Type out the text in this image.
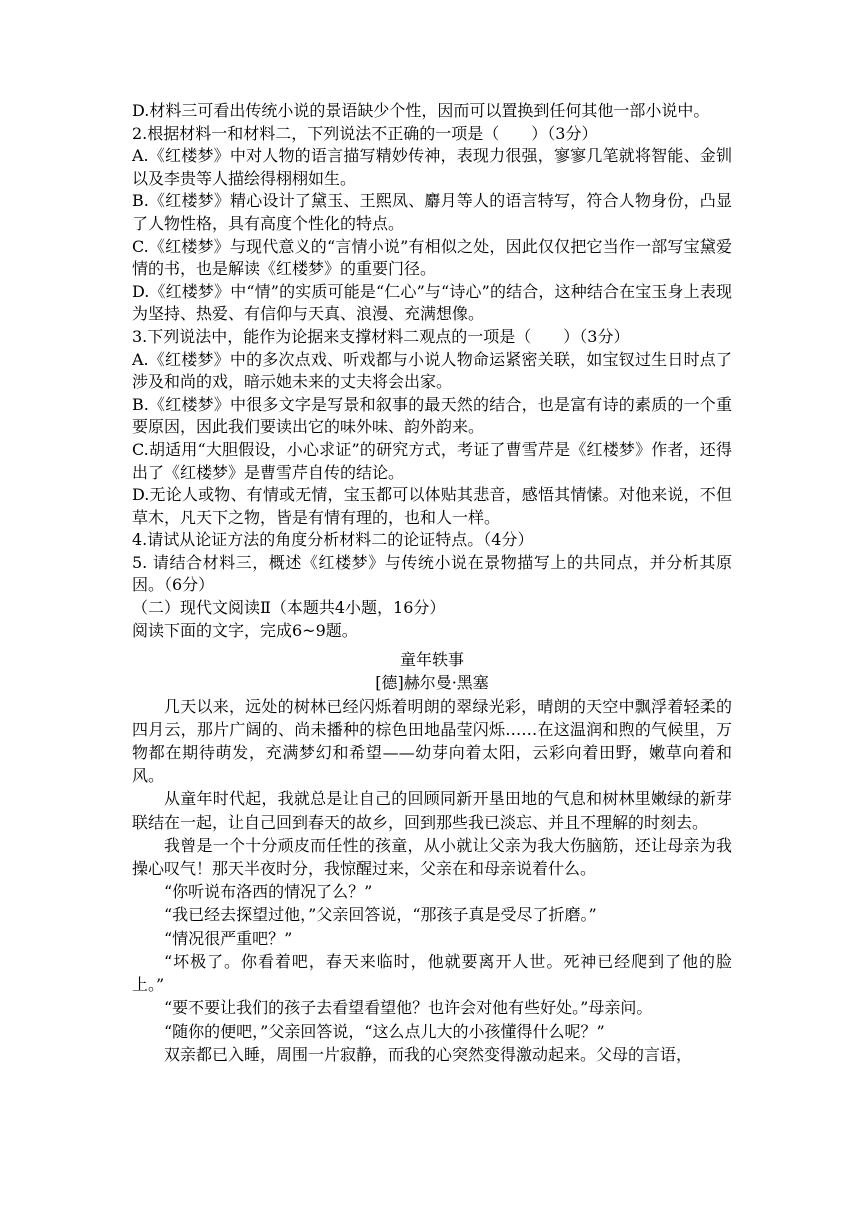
D.材料三可看出传统小说的景语缺少个性，因而可以置换到任何其他一部小说中。

2.根据材料一和材料二，下列说法不正确的一项是（　　）（3分）

A.《红楼梦》中对人物的语言描写精妙传神，表现力很强，寥寥几笔就将智能、金钏以及李贵等人描绘得栩栩如生。

B.《红楼梦》精心设计了黛玉、王熙凤、麝月等人的语言特写，符合人物身份，凸显了人物性格，具有高度个性化的特点。

C.《红楼梦》与现代意义的“言情小说”有相似之处，因此仅仅把它当作一部写宝黛爱情的书，也是解读《红楼梦》的重要门径。

D.《红楼梦》中“情”的实质可能是“仁心”与“诗心”的结合，这种结合在宝玉身上表现为坚持、热爱、有信仰与天真、浪漫、充满想像。

3.下列说法中，能作为论据来支撑材料二观点的一项是（　　）（3分）

A.《红楼梦》中的多次点戏、听戏都与小说人物命运紧密关联，如宝钗过生日时点了涉及和尚的戏，暗示她未来的丈夫将会出家。

B.《红楼梦》中很多文字是写景和叙事的最天然的结合，也是富有诗的素质的一个重要原因，因此我们要读出它的味外味、韵外韵来。

C.胡适用“大胆假设，小心求证”的研究方式，考证了曹雪芹是《红楼梦》作者，还得出了《红楼梦》是曹雪芹自传的结论。

D.无论人或物、有情或无情，宝玉都可以体贴其悲音，感悟其情愫。对他来说，不但草木，凡天下之物，皆是有情有理的，也和人一样。

4.请试从论证方法的角度分析材料二的论证特点。（4分）

5. 请结合材料三，概述《红楼梦》与传统小说在景物描写上的共同点，并分析其原因。（6分）

（二）现代文阅读Ⅱ（本题共4小题，16分）

阅读下面的文字，完成6~9题。

童年轶事

[德]赫尔曼·黑塞

几天以来，远处的树林已经闪烁着明朗的翠绿光彩，晴朗的天空中飘浮着轻柔的四月云，那片广阔的、尚未播种的棕色田地晶莹闪烁……在这温润和煦的气候里，万物都在期待萌发，充满梦幻和希望——幼芽向着太阳，云彩向着田野，嫩草向着和风。

从童年时代起，我就总是让自己的回顾同新开垦田地的气息和树林里嫩绿的新芽联结在一起，让自己回到春天的故乡，回到那些我已淡忘、并且不理解的时刻去。

我曾是一个十分顽皮而任性的孩童，从小就让父亲为我大伤脑筋，还让母亲为我操心叹气！那天半夜时分，我惊醒过来，父亲在和母亲说着什么。

“你听说布洛西的情况了么？”

“我已经去探望过他，”父亲回答说，“那孩子真是受尽了折磨。”

“情况很严重吧？”

“坏极了。你看着吧，春天来临时，他就要离开人世。死神已经爬到了他的脸上。”

“要不要让我们的孩子去看望看望他？也许会对他有些好处。”母亲问。

“随你的便吧，”父亲回答说，“这么点儿大的小孩懂得什么呢？”

双亲都已入睡，周围一片寂静，而我的心突然变得激动起来。父母的言语，
